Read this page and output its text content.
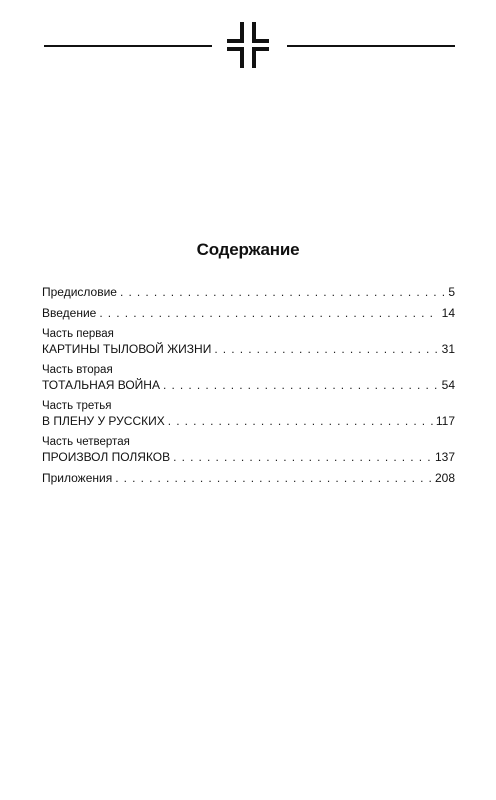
Содержание
Предисловие . . .	5
Введение . . .	14
Часть первая
КАРТИНЫ ТЫЛОВОЙ ЖИЗНИ . . .	31
Часть вторая
ТОТАЛЬНАЯ ВОЙНА . . .	54
Часть третья
В ПЛЕНУ У РУССКИХ . . .	117
Часть четвертая
ПРОИЗВОЛ ПОЛЯКОВ . . .	137
Приложения . . .	208
